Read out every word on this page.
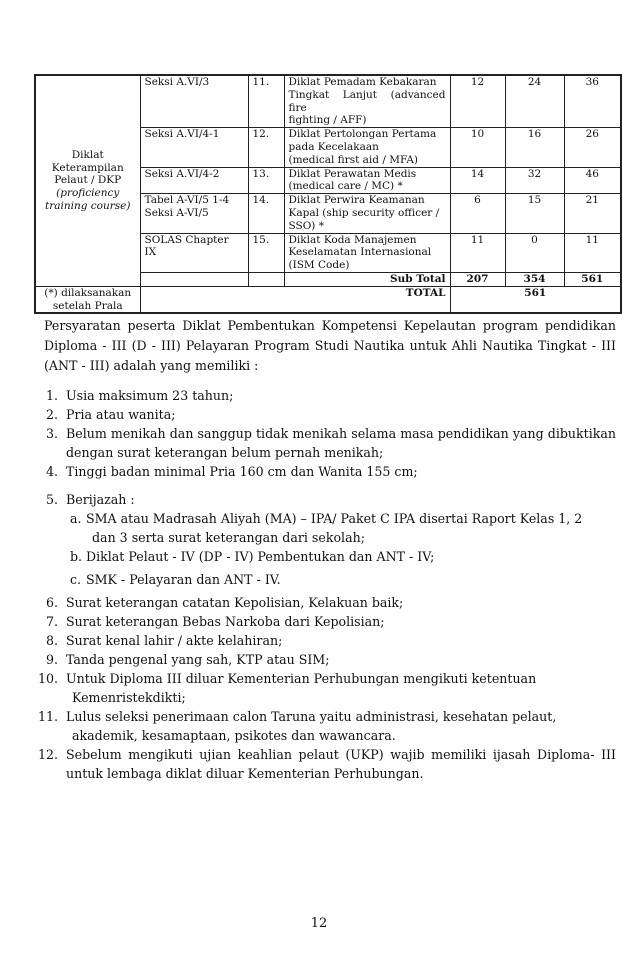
Diklat
Keterampilan
Pelaut / DKP
(proficiency
training course)	Seksi A.VI/3	11.	Diklat Pemadam Kebakaran
Tingkat Lanjut (advanced fire
fighting / AFF)	12	24	36
	Seksi A.VI/4-1	12.	Diklat Pertolongan Pertama
pada Kecelakaan
(medical first aid / MFA)	10	16	26
	Seksi A.VI/4-2	13.	Diklat Perawatan Medis
(medical care / MC) *	14	32	46
	Tabel A-VI/5 1-4 Seksi A-VI/5	14.	Diklat Perwira Keamanan
Kapal (ship security officer /
SSO) *	6	15	21
	SOLAS Chapter IX	15.	Diklat Koda Manajemen
Keselamatan Internasional
(ISM Code)	11	0	11
			Sub Total	207	354	561
(*) dilaksanakan
setelah Prala	TOTAL			561		

Persyaratan peserta Diklat Pembentukan Kompetensi Kepelautan program pendidikan Diploma - III (D - III) Pelayaran Program Studi Nautika untuk Ahli Nautika Tingkat - III (ANT - III) adalah yang memiliki :

1. Usia maksimum 23 tahun;
2. Pria atau wanita;
3. Belum menikah dan sanggup tidak menikah selama masa pendidikan yang dibuktikan dengan surat keterangan belum pernah menikah;
4. Tinggi badan minimal Pria 160 cm dan Wanita 155 cm;
5. Berijazah :
a. SMA atau Madrasah Aliyah (MA) – IPA/ Paket C IPA disertai Raport Kelas 1, 2

dan 3 serta surat keterangan dari sekolah;
b. Diklat Pelaut - IV (DP - IV) Pembentukan dan ANT - IV;
c. SMK - Pelayaran dan ANT - IV.
6. Surat keterangan catatan Kepolisian, Kelakuan baik;
7. Surat keterangan Bebas Narkoba dari Kepolisian;
8. Surat kenal lahir / akte kelahiran;
9. Tanda pengenal yang sah, KTP atau SIM;
10. Untuk Diploma III diluar Kementerian Perhubungan mengikuti ketentuan

Kemenristekdikti;
11. Lulus seleksi penerimaan calon Taruna yaitu administrasi, kesehatan pelaut,

akademik, kesamaptaan, psikotes dan wawancara.
12. Sebelum mengikuti ujian keahlian pelaut (UKP) wajib memiliki ijasah Diploma- III untuk lembaga diklat diluar Kementerian Perhubungan.
12
